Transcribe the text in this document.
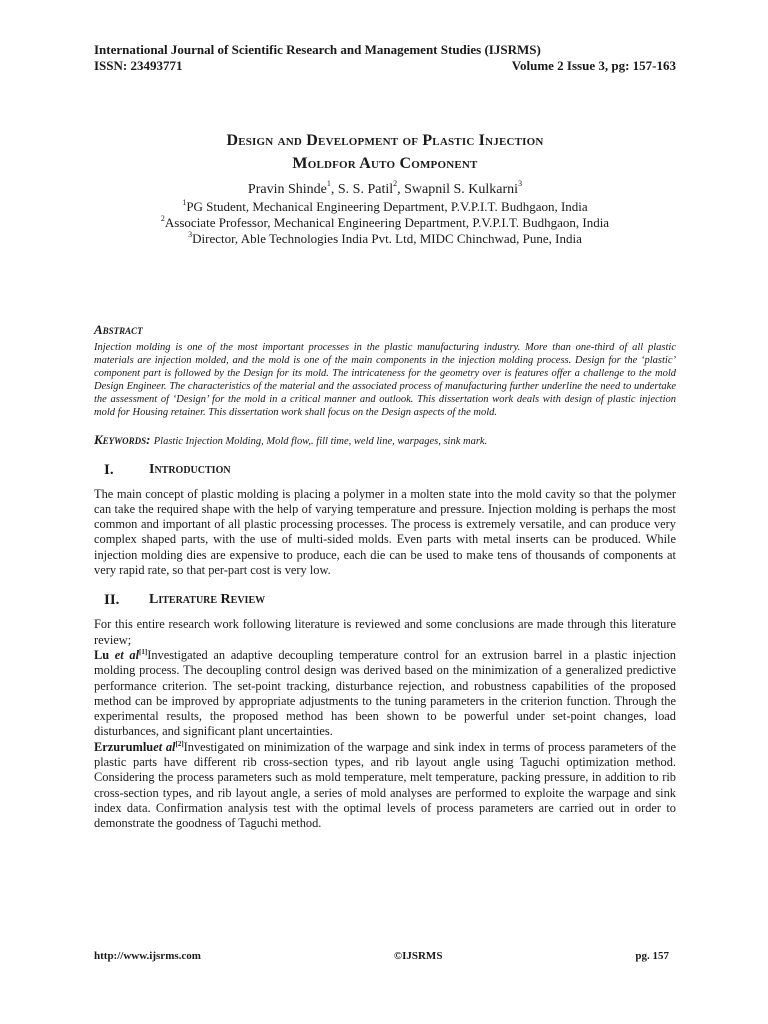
International Journal of Scientific Research and Management Studies (IJSRMS)
ISSN: 23493771	Volume 2 Issue 3, pg: 157-163
Design and Development of Plastic Injection
Moldfor Auto Component
Pravin Shinde$^1$, S. S. Patil$^2$, Swapnil S. Kulkarni$^3$
$^1$PG Student, Mechanical Engineering Department, P.V.P.I.T. Budhgaon, India
$^2$Associate Professor, Mechanical Engineering Department, P.V.P.I.T. Budhgaon, India
$^3$Director, Able Technologies India Pvt. Ltd, MIDC Chinchwad, Pune, India
Abstract
Injection molding is one of the most important processes in the plastic manufacturing industry. More than one-third of all plastic materials are injection molded, and the mold is one of the main components in the injection molding process. Design for the ‘plastic’ component part is followed by the Design for its mold. The intricateness for the geometry over is features offer a challenge to the mold Design Engineer. The characteristics of the material and the associated process of manufacturing further underline the need to undertake the assessment of ‘Design’ for the mold in a critical manner and outlook. This dissertation work deals with design of plastic injection mold for Housing retainer. This dissertation work shall focus on the Design aspects of the mold.
Keywords: Plastic Injection Molding, Mold flow,. fill time, weld line, warpages, sink mark.
I.	Introduction

The main concept of plastic molding is placing a polymer in a molten state into the mold cavity so that the polymer can take the required shape with the help of varying temperature and pressure. Injection molding is perhaps the most common and important of all plastic processing processes. The process is extremely versatile, and can produce very complex shaped parts, with the use of multi-sided molds. Even parts with metal inserts can be produced. While injection molding dies are expensive to produce, each die can be used to make tens of thousands of components at very rapid rate, so that per-part cost is very low.

II.	Literature Review

For this entire research work following literature is reviewed and some conclusions are made through this literature review;

Lu et al[1]Investigated an adaptive decoupling temperature control for an extrusion barrel in a plastic injection molding process. The decoupling control design was derived based on the minimization of a generalized predictive performance criterion. The set-point tracking, disturbance rejection, and robustness capabilities of the proposed method can be improved by appropriate adjustments to the tuning parameters in the criterion function. Through the experimental results, the proposed method has been shown to be powerful under set-point changes, load disturbances, and significant plant uncertainties.

Erzurumluet al[2]Investigated on minimization of the warpage and sink index in terms of process parameters of the plastic parts have different rib cross-section types, and rib layout angle using Taguchi optimization method. Considering the process parameters such as mold temperature, melt temperature, packing pressure, in addition to rib cross-section types, and rib layout angle, a series of mold analyses are performed to exploite the warpage and sink index data. Confirmation analysis test with the optimal levels of process parameters are carried out in order to demonstrate the goodness of Taguchi method.

http://www.ijsrms.com	©IJSRMS	pg. 157
